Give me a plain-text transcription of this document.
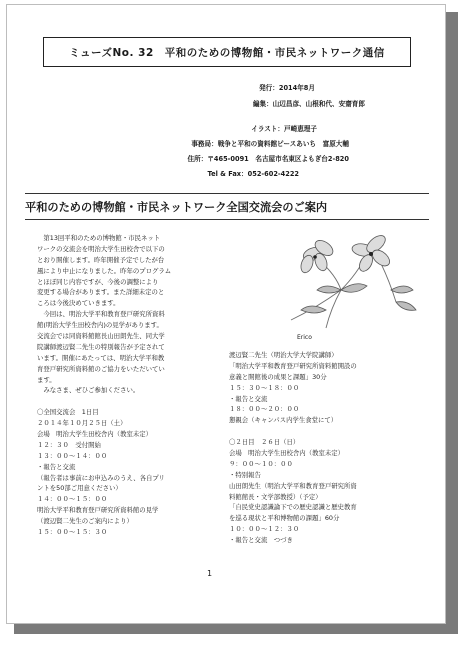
ミューズNo. 32　平和のための博物館・市民ネットワーク通信
発行：2014年8月
編集：山辺昌彦、山根和代、安齋育郎
イラスト：戸崎恵理子
事務局：戦争と平和の資料館ピースあいち　富原大輔
住所：〒465-0091　名古屋市名東区よもぎ台2-820
Tel & Fax：052-602-4222
平和のための博物館・市民ネットワーク全国交流会のご案内
　第13回平和のための博物館・市民ネット
ワークの交流会を明治大学生田校舎で以下の
とおり開催します。昨年開催予定でしたが台
風により中止になりました。昨年のプログラム
とほぼ同じ内容ですが、今後の調整により
変更する場合があります。また詳細未定のと
ころは今後決めていきます。
　今回は、明治大学平和教育登戸研究所資料
館(明治大学生田校舎内)の見学があります。
交流会では同資料館館長山田朗先生、同大学
院講師渡辺賢二先生の特別報告が予定されて
います。開催にあたっては、明治大学平和教
育登戸研究所資料館のご協力をいただいてい
ます。
　みなさま、ぜひご参加ください。
〇全国交流会　1日目
２０１４年１０月２５日（土）
会場　明治大学生田校舎内（教室未定）
１２：３０　受付開始
１３：００～１４：００
・報告と交流
（報告者は事前にお申込みのうえ、各自プリ
ントを50部ご用意ください）
１４：００～１５：００
明治大学平和教育登戸研究所資料館の見学
（渡辺賢二先生のご案内により）
１５：００～１５：３０
Erico
渡辺賢二先生（明治大学大学院講師）
「明治大学平和教育登戸研究所資料館開設の
意義と開館後の成果と課題」30分
１５：３０～１８：００
・報告と交流
１８：００～２０：００
懇親会（キャンパス内学生食堂にて）
〇２日目　２６日（日）
会場　明治大学生田校舎内（教室未定）
９：００～１０：００
・特別報告
山田朗先生（明治大学平和教育登戸研究所資
料館館長・文学部教授）（予定）
「自民党史認識論下での歴史認識と歴史教育
を巡る現状と平和博物館の課題」60分
１０：００～１２：３０
・報告と交流　つづき
1
